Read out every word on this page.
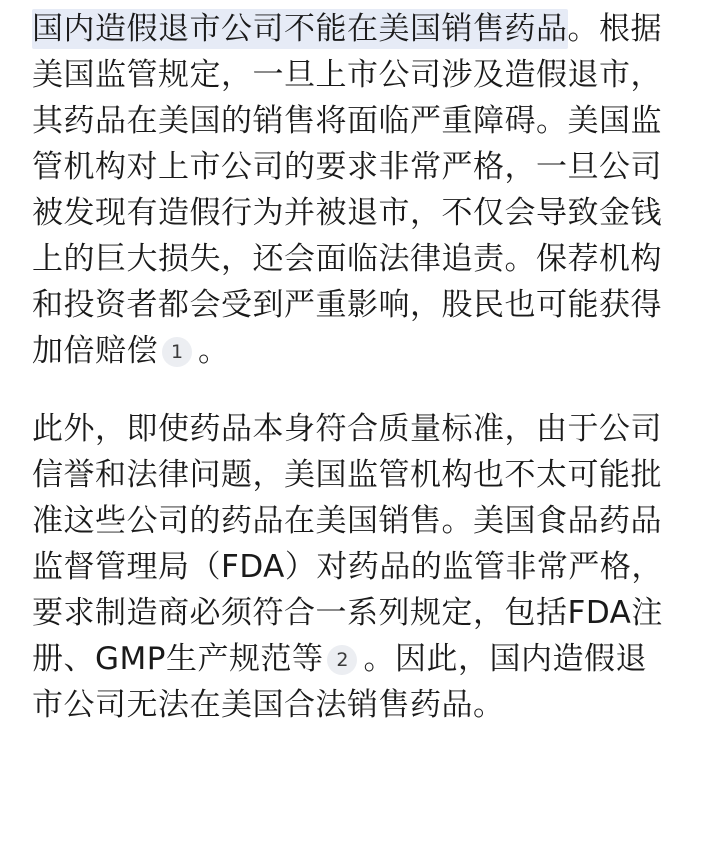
国内造假退市公司不能在美国销售药品。根据美国监管规定，一旦上市公司涉及造假退市，其药品在美国的销售将面临严重障碍。美国监管机构对上市公司的要求非常严格，一旦公司被发现有造假行为并被退市，不仅会导致金钱上的巨大损失，还会面临法律追责。保荐机构和投资者都会受到严重影响，股民也可能获得加倍赔偿 1 。

此外，即使药品本身符合质量标准，由于公司信誉和法律问题，美国监管机构也不太可能批准这些公司的药品在美国销售。美国食品药品监督管理局（FDA）对药品的监管非常严格，要求制造商必须符合一系列规定，包括FDA注册、GMP生产规范等 2 。因此，国内造假退市公司无法在美国合法销售药品。
